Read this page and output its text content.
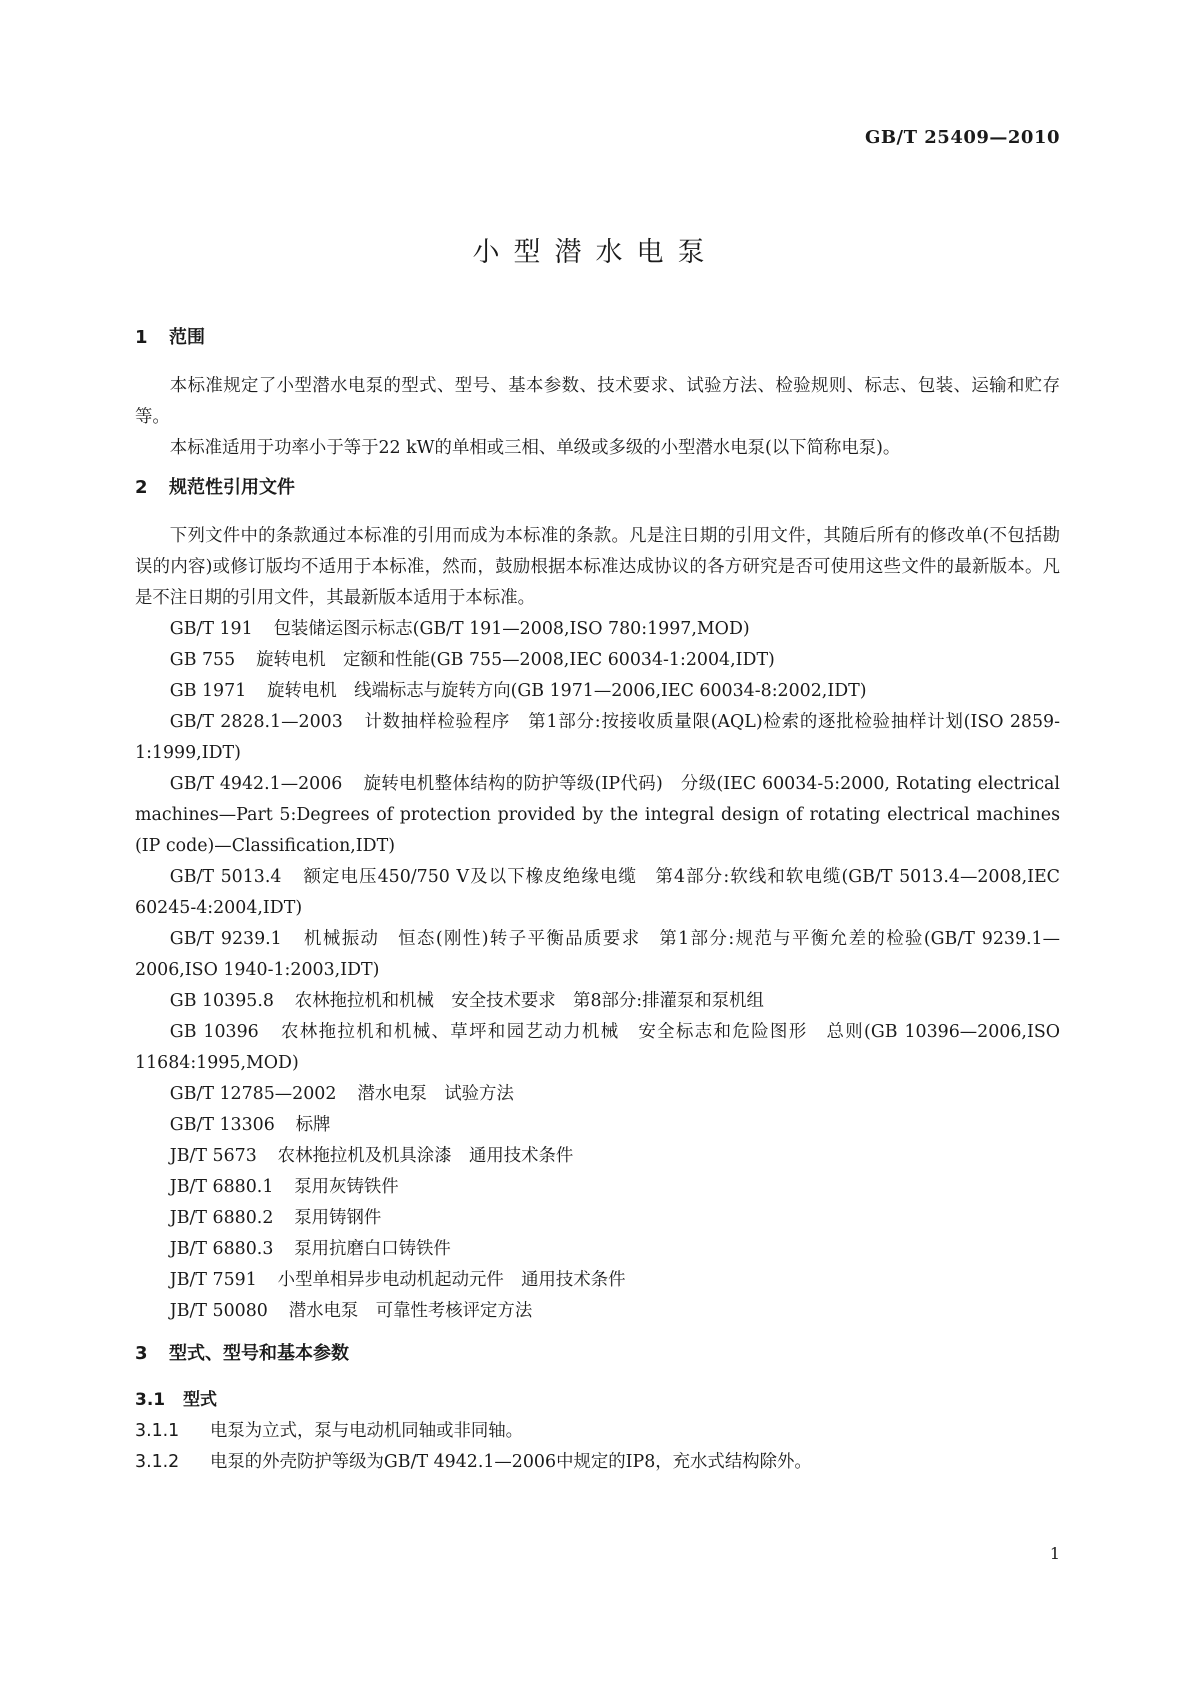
GB/T 25409—2010
小型潜水电泵
1 范围

本标准规定了小型潜水电泵的型式、型号、基本参数、技术要求、试验方法、检验规则、标志、包装、运输和贮存等。

本标准适用于功率小于等于22 kW的单相或三相、单级或多级的小型潜水电泵(以下简称电泵)。

2 规范性引用文件

下列文件中的条款通过本标准的引用而成为本标准的条款。凡是注日期的引用文件，其随后所有的修改单(不包括勘误的内容)或修订版均不适用于本标准，然而，鼓励根据本标准达成协议的各方研究是否可使用这些文件的最新版本。凡是不注日期的引用文件，其最新版本适用于本标准。

GB/T 191 包装储运图示标志(GB/T 191—2008,ISO 780:1997,MOD)

GB 755 旋转电机　定额和性能(GB 755—2008,IEC 60034-1:2004,IDT)

GB 1971 旋转电机　线端标志与旋转方向(GB 1971—2006,IEC 60034-8:2002,IDT)

GB/T 2828.1—2003 计数抽样检验程序　第1部分:按接收质量限(AQL)检索的逐批检验抽样计划(ISO 2859-1:1999,IDT)

GB/T 4942.1—2006 旋转电机整体结构的防护等级(IP代码)　分级(IEC 60034-5:2000, Rotating electrical machines—Part 5:Degrees of protection provided by the integral design of rotating electrical machines (IP code)—Classification,IDT)

GB/T 5013.4 额定电压450/750 V及以下橡皮绝缘电缆　第4部分:软线和软电缆(GB/T 5013.4—2008,IEC 60245-4:2004,IDT)

GB/T 9239.1 机械振动　恒态(刚性)转子平衡品质要求　第1部分:规范与平衡允差的检验(GB/T 9239.1—2006,ISO 1940-1:2003,IDT)

GB 10395.8 农林拖拉机和机械　安全技术要求　第8部分:排灌泵和泵机组

GB 10396 农林拖拉机和机械、草坪和园艺动力机械　安全标志和危险图形　总则(GB 10396—2006,ISO 11684:1995,MOD)

GB/T 12785—2002 潜水电泵　试验方法

GB/T 13306 标牌

JB/T 5673 农林拖拉机及机具涂漆　通用技术条件

JB/T 6880.1 泵用灰铸铁件

JB/T 6880.2 泵用铸钢件

JB/T 6880.3 泵用抗磨白口铸铁件

JB/T 7591 小型单相异步电动机起动元件　通用技术条件

JB/T 50080 潜水电泵　可靠性考核评定方法

3 型式、型号和基本参数
3.1 型式

3.1.1 电泵为立式，泵与电动机同轴或非同轴。

3.1.2 电泵的外壳防护等级为GB/T 4942.1—2006中规定的IP8，充水式结构除外。

1
